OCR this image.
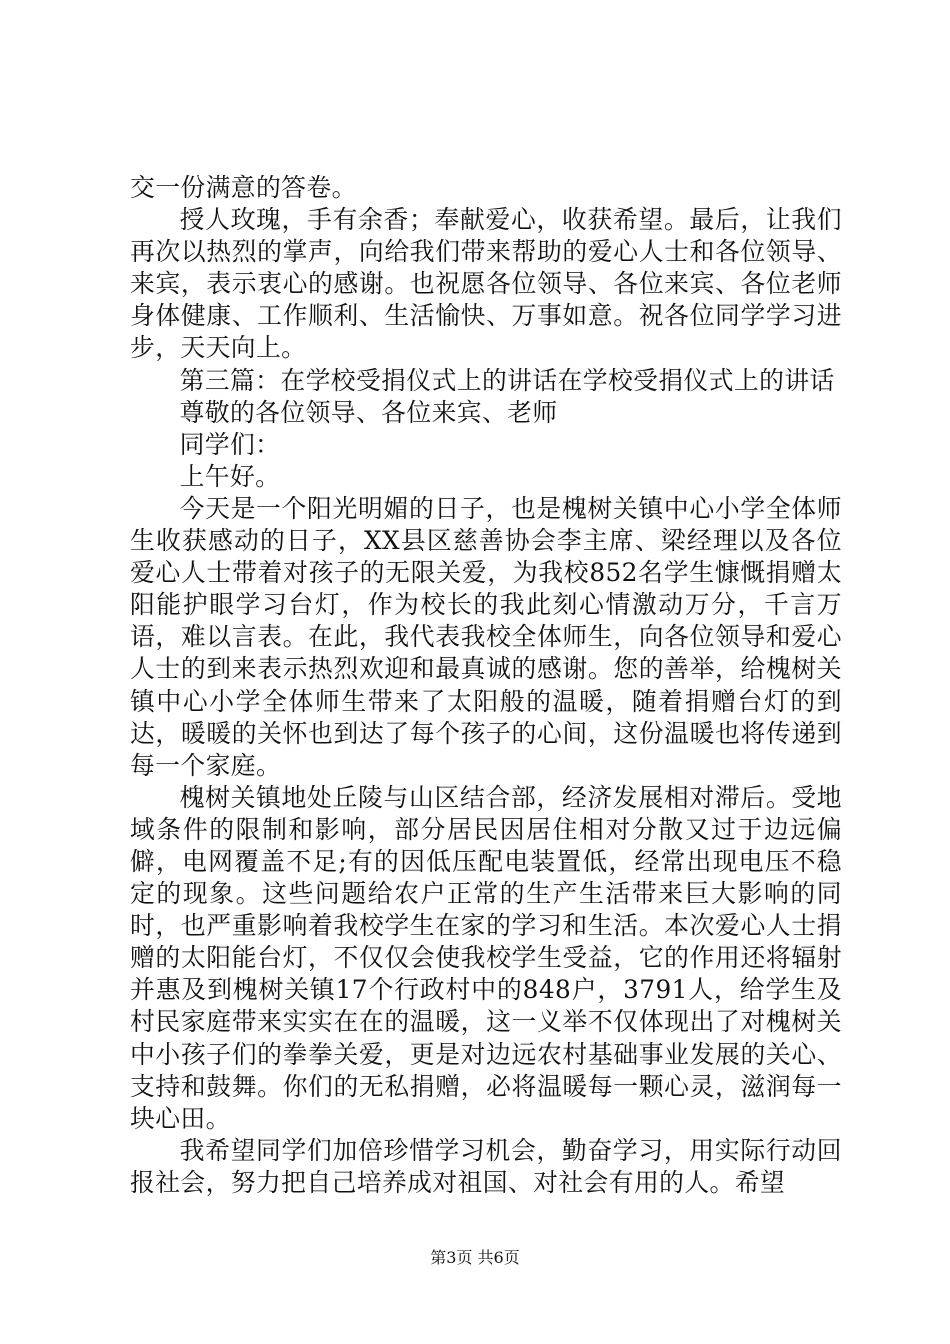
交一份满意的答卷。

授人玫瑰，手有余香；奉献爱心，收获希望。最后，让我们再次以热烈的掌声，向给我们带来帮助的爱心人士和各位领导、来宾，表示衷心的感谢。也祝愿各位领导、各位来宾、各位老师身体健康、工作顺利、生活愉快、万事如意。祝各位同学学习进步，天天向上。

第三篇：在学校受捐仪式上的讲话在学校受捐仪式上的讲话

尊敬的各位领导、各位来宾、老师

同学们：

上午好。

今天是一个阳光明媚的日子，也是槐树关镇中心小学全体师生收获感动的日子，XX县区慈善协会李主席、梁经理以及各位爱心人士带着对孩子的无限关爱，为我校852名学生慷慨捐赠太阳能护眼学习台灯，作为校长的我此刻心情激动万分，千言万语，难以言表。在此，我代表我校全体师生，向各位领导和爱心人士的到来表示热烈欢迎和最真诚的感谢。您的善举，给槐树关镇中心小学全体师生带来了太阳般的温暖，随着捐赠台灯的到达，暖暖的关怀也到达了每个孩子的心间，这份温暖也将传递到每一个家庭。

槐树关镇地处丘陵与山区结合部，经济发展相对滞后。受地域条件的限制和影响，部分居民因居住相对分散又过于边远偏僻，电网覆盖不足;有的因低压配电装置低，经常出现电压不稳定的现象。这些问题给农户正常的生产生活带来巨大影响的同时，也严重影响着我校学生在家的学习和生活。本次爱心人士捐赠的太阳能台灯，不仅仅会使我校学生受益，它的作用还将辐射并惠及到槐树关镇17个行政村中的848户，3791人，给学生及村民家庭带来实实在在的温暖，这一义举不仅体现出了对槐树关中小孩子们的拳拳关爱，更是对边远农村基础事业发展的关心、支持和鼓舞。你们的无私捐赠，必将温暖每一颗心灵，滋润每一块心田。

我希望同学们加倍珍惜学习机会，勤奋学习，用实际行动回报社会，努力把自己培养成对祖国、对社会有用的人。希望

第3页 共6页
